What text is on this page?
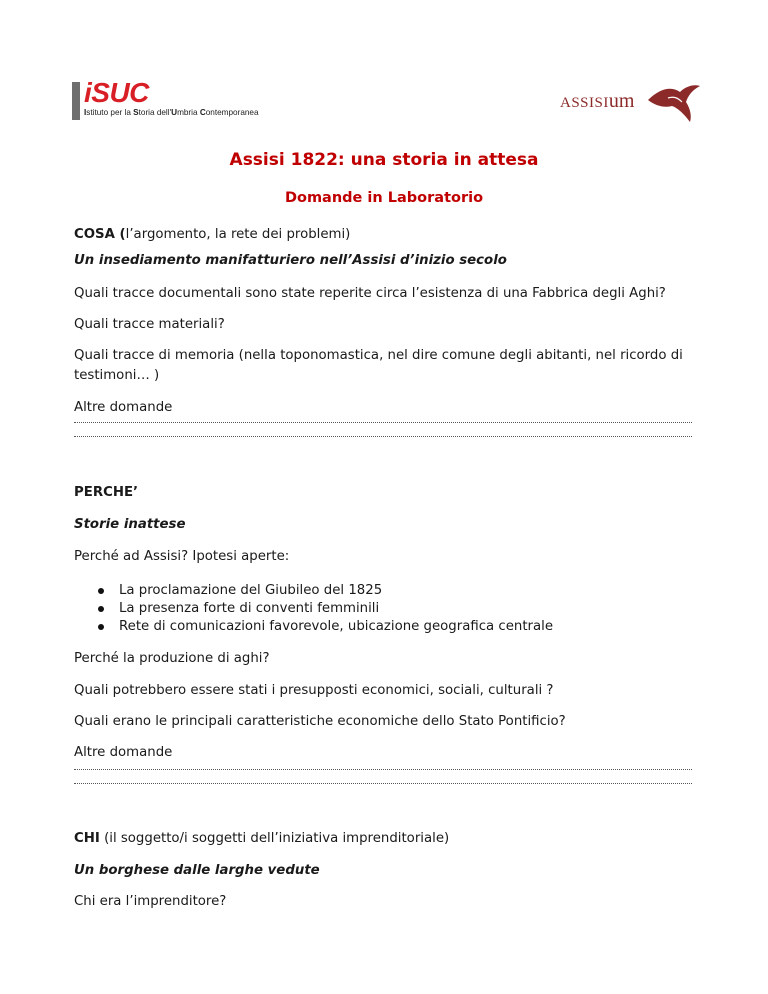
iSUC
Istituto per la Storia dell'Umbria Contemporanea
ASSISIum
Assisi 1822: una storia in attesa
Domande in Laboratorio
COSA (l’argomento, la rete dei problemi)
Un insediamento manifatturiero nell’Assisi d’inizio secolo
Quali tracce documentali sono state reperite circa l’esistenza di una Fabbrica degli Aghi?
Quali tracce materiali?
Quali tracce di memoria (nella toponomastica, nel dire comune degli abitanti, nel ricordo di
testimoni… )
Altre domande
PERCHE’
Storie inattese
Perché ad Assisi? Ipotesi aperte:
La proclamazione del Giubileo del 1825
La presenza forte di conventi femminili
Rete di comunicazioni favorevole, ubicazione geografica centrale
Perché la produzione di aghi?
Quali potrebbero essere stati i presupposti economici, sociali, culturali ?
Quali erano le principali caratteristiche economiche dello Stato Pontificio?
Altre domande
CHI (il soggetto/i soggetti dell’iniziativa imprenditoriale)
Un borghese dalle larghe vedute
Chi era l’imprenditore?
